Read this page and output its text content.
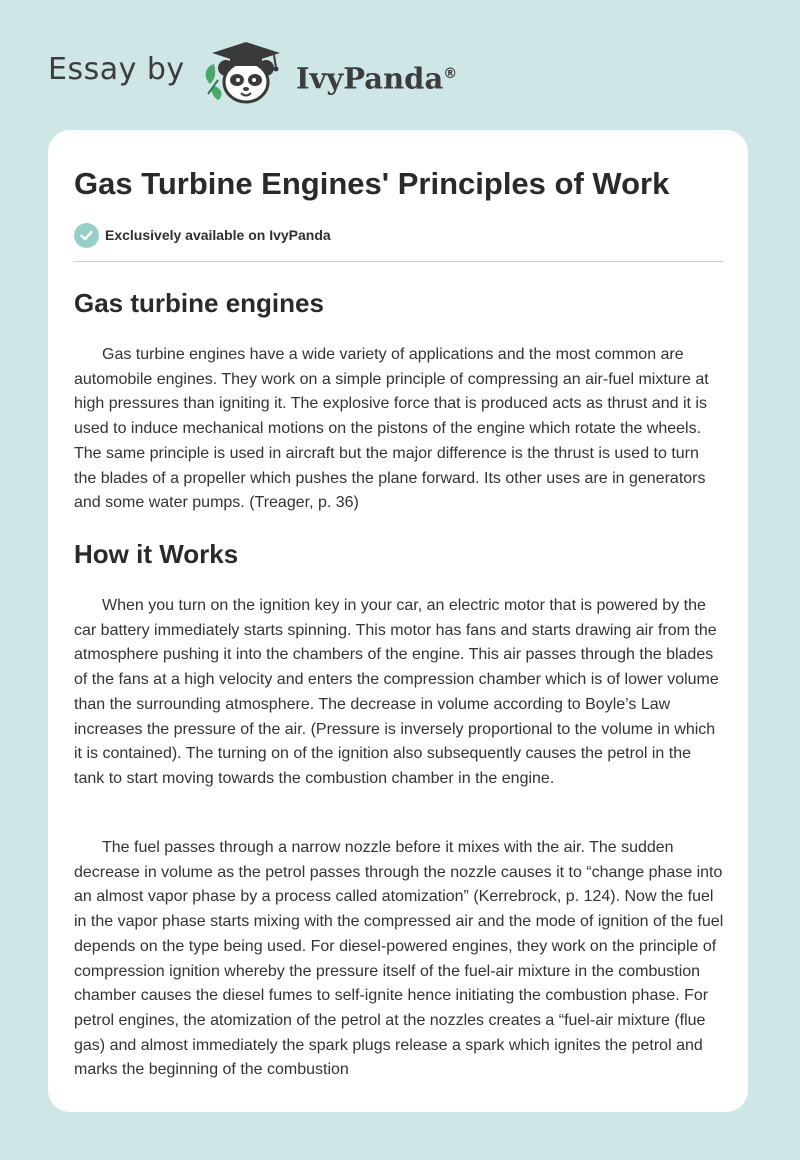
Essay by	IvyPanda®
Gas Turbine Engines' Principles of Work
Exclusively available on IvyPanda
Gas turbine engines

Gas turbine engines have a wide variety of applications and the most common are automobile engines. They work on a simple principle of compressing an air-fuel mixture at high pressures than igniting it. The explosive force that is produced acts as thrust and it is used to induce mechanical motions on the pistons of the engine which rotate the wheels. The same principle is used in aircraft but the major difference is the thrust is used to turn the blades of a propeller which pushes the plane forward. Its other uses are in generators and some water pumps. (Treager, p. 36)

How it Works

When you turn on the ignition key in your car, an electric motor that is powered by the car battery immediately starts spinning. This motor has fans and starts drawing air from the atmosphere pushing it into the chambers of the engine. This air passes through the blades of the fans at a high velocity and enters the compression chamber which is of lower volume than the surrounding atmosphere. The decrease in volume according to Boyle’s Law increases the pressure of the air. (Pressure is inversely proportional to the volume in which it is contained). The turning on of the ignition also subsequently causes the petrol in the tank to start moving towards the combustion chamber in the engine.

The fuel passes through a narrow nozzle before it mixes with the air. The sudden decrease in volume as the petrol passes through the nozzle causes it to “change phase into an almost vapor phase by a process called atomization” (Kerrebrock, p. 124). Now the fuel in the vapor phase starts mixing with the compressed air and the mode of ignition of the fuel depends on the type being used. For diesel-powered engines, they work on the principle of compression ignition whereby the pressure itself of the fuel-air mixture in the combustion chamber causes the diesel fumes to self-ignite hence initiating the combustion phase. For petrol engines, the atomization of the petrol at the nozzles creates a “fuel-air mixture (flue gas) and almost immediately the spark plugs release a spark which ignites the petrol and marks the beginning of the combustion
